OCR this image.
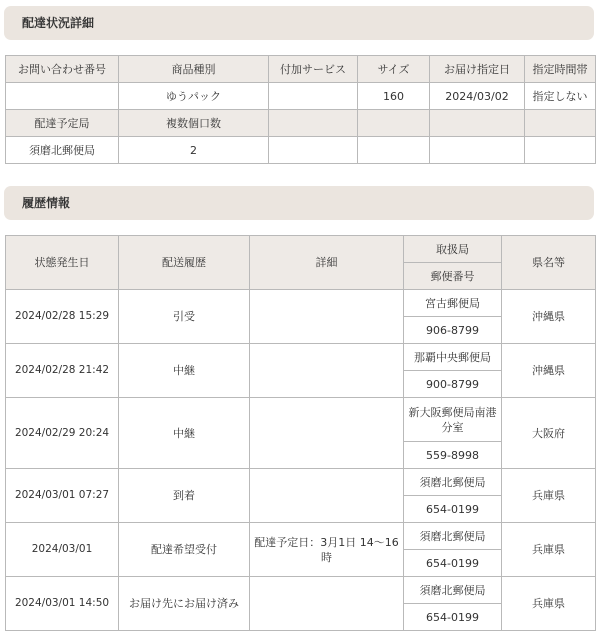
配達状況詳細
お問い合わせ番号	商品種別	付加サービス	サイズ	お届け指定日	指定時間帯
	ゆうパック		160	2024/03/02	指定しない
配達予定局	複数個口数				
須磨北郵便局	2				
履歴情報
状態発生日	配送履歴	詳細	取扱局	県名等
			郵便番号	
2024/02/28 15:29	引受		宮古郵便局	沖縄県
			906-8799	
2024/02/28 21:42	中継		那覇中央郵便局	沖縄県
			900-8799	
2024/02/29 20:24	中継		新大阪郵便局南港分室	大阪府
			559-8998	
2024/03/01 07:27	到着		須磨北郵便局	兵庫県
			654-0199	
2024/03/01	配達希望受付	配達予定日：3月1日 14～16時	須磨北郵便局	兵庫県
			654-0199	
2024/03/01 14:50	お届け先にお届け済み		須磨北郵便局	兵庫県
			654-0199	
